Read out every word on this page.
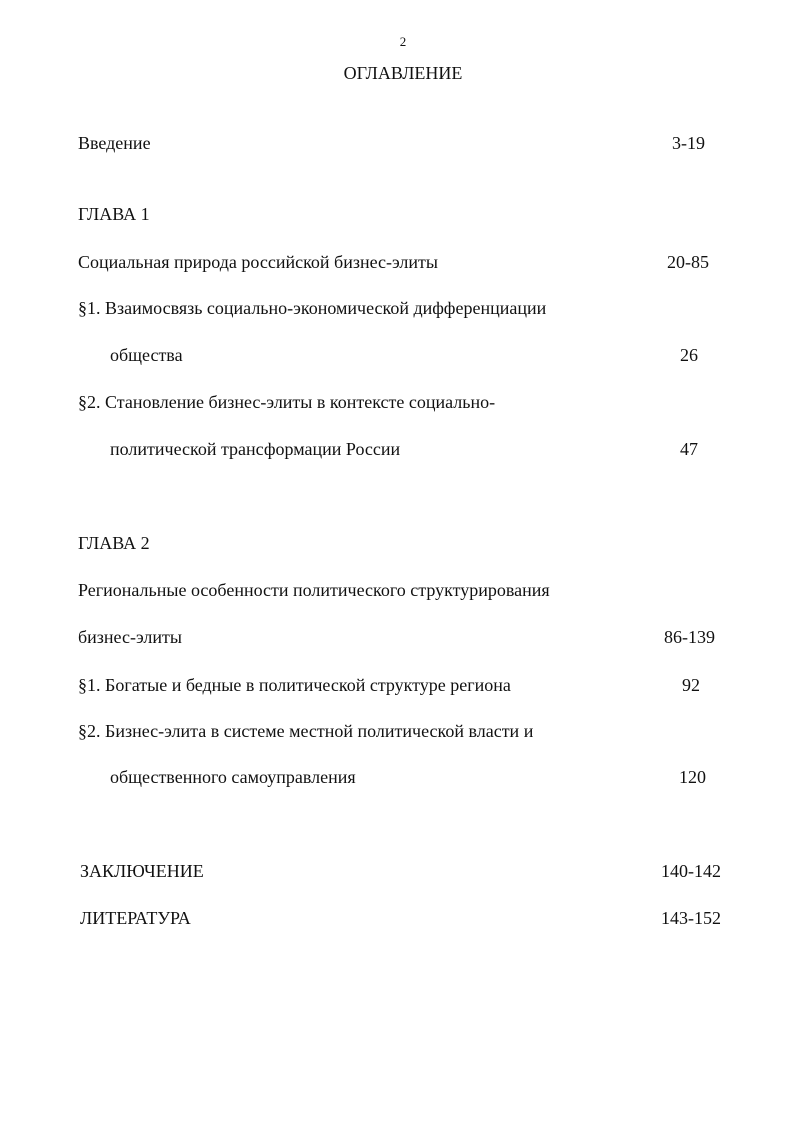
2
ОГЛАВЛЕНИЕ
Введение	3-19
ГЛАВА 1
Социальная природа российской бизнес-элиты	20-85
§1. Взаимосвязь социально-экономической дифференциации
общества	26
§2. Становление бизнес-элиты в контексте социально-
политической трансформации России	47
ГЛАВА 2
Региональные особенности политического структурирования
бизнес-элиты	86-139
§1. Богатые и бедные в политической структуре региона	92
§2. Бизнес-элита в системе местной политической власти и
общественного самоуправления	120
ЗАКЛЮЧЕНИЕ	140-142
ЛИТЕРАТУРА	143-152
